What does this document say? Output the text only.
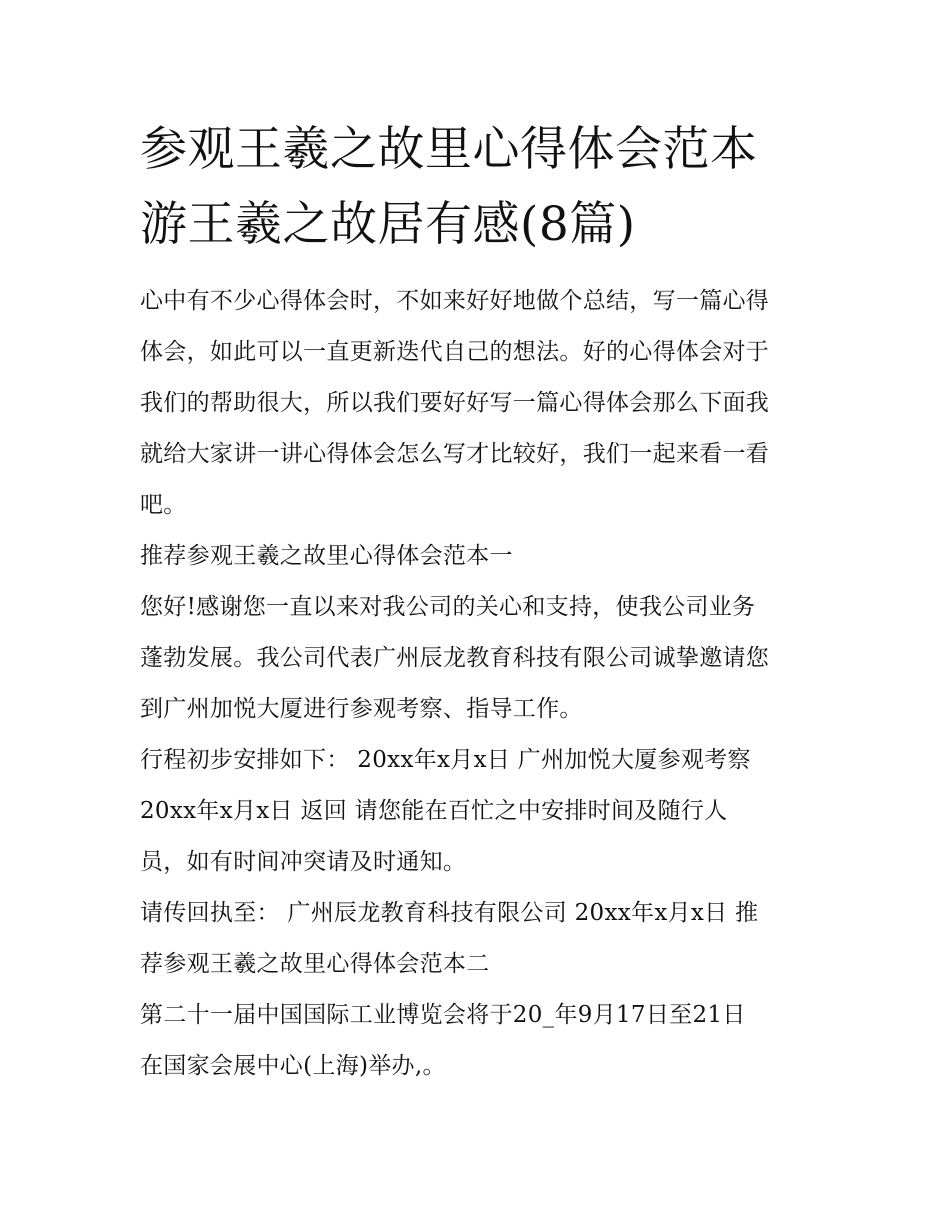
参观王羲之故里心得体会范本
游王羲之故居有感(8篇)
心中有不少心得体会时，不如来好好地做个总结，写一篇心得
体会，如此可以一直更新迭代自己的想法。好的心得体会对于
我们的帮助很大，所以我们要好好写一篇心得体会那么下面我
就给大家讲一讲心得体会怎么写才比较好，我们一起来看一看
吧。
推荐参观王羲之故里心得体会范本一
您好!感谢您一直以来对我公司的关心和支持，使我公司业务
蓬勃发展。我公司代表广州辰龙教育科技有限公司诚挚邀请您
到广州加悦大厦进行参观考察、指导工作。
行程初步安排如下： 20xx年x月x日 广州加悦大厦参观考察
20xx年x月x日 返回 请您能在百忙之中安排时间及随行人
员，如有时间冲突请及时通知。
请传回执至： 广州辰龙教育科技有限公司 20xx年x月x日 推
荐参观王羲之故里心得体会范本二
第二十一届中国国际工业博览会将于20_年9月17日至21日
在国家会展中心(上海)举办,。
